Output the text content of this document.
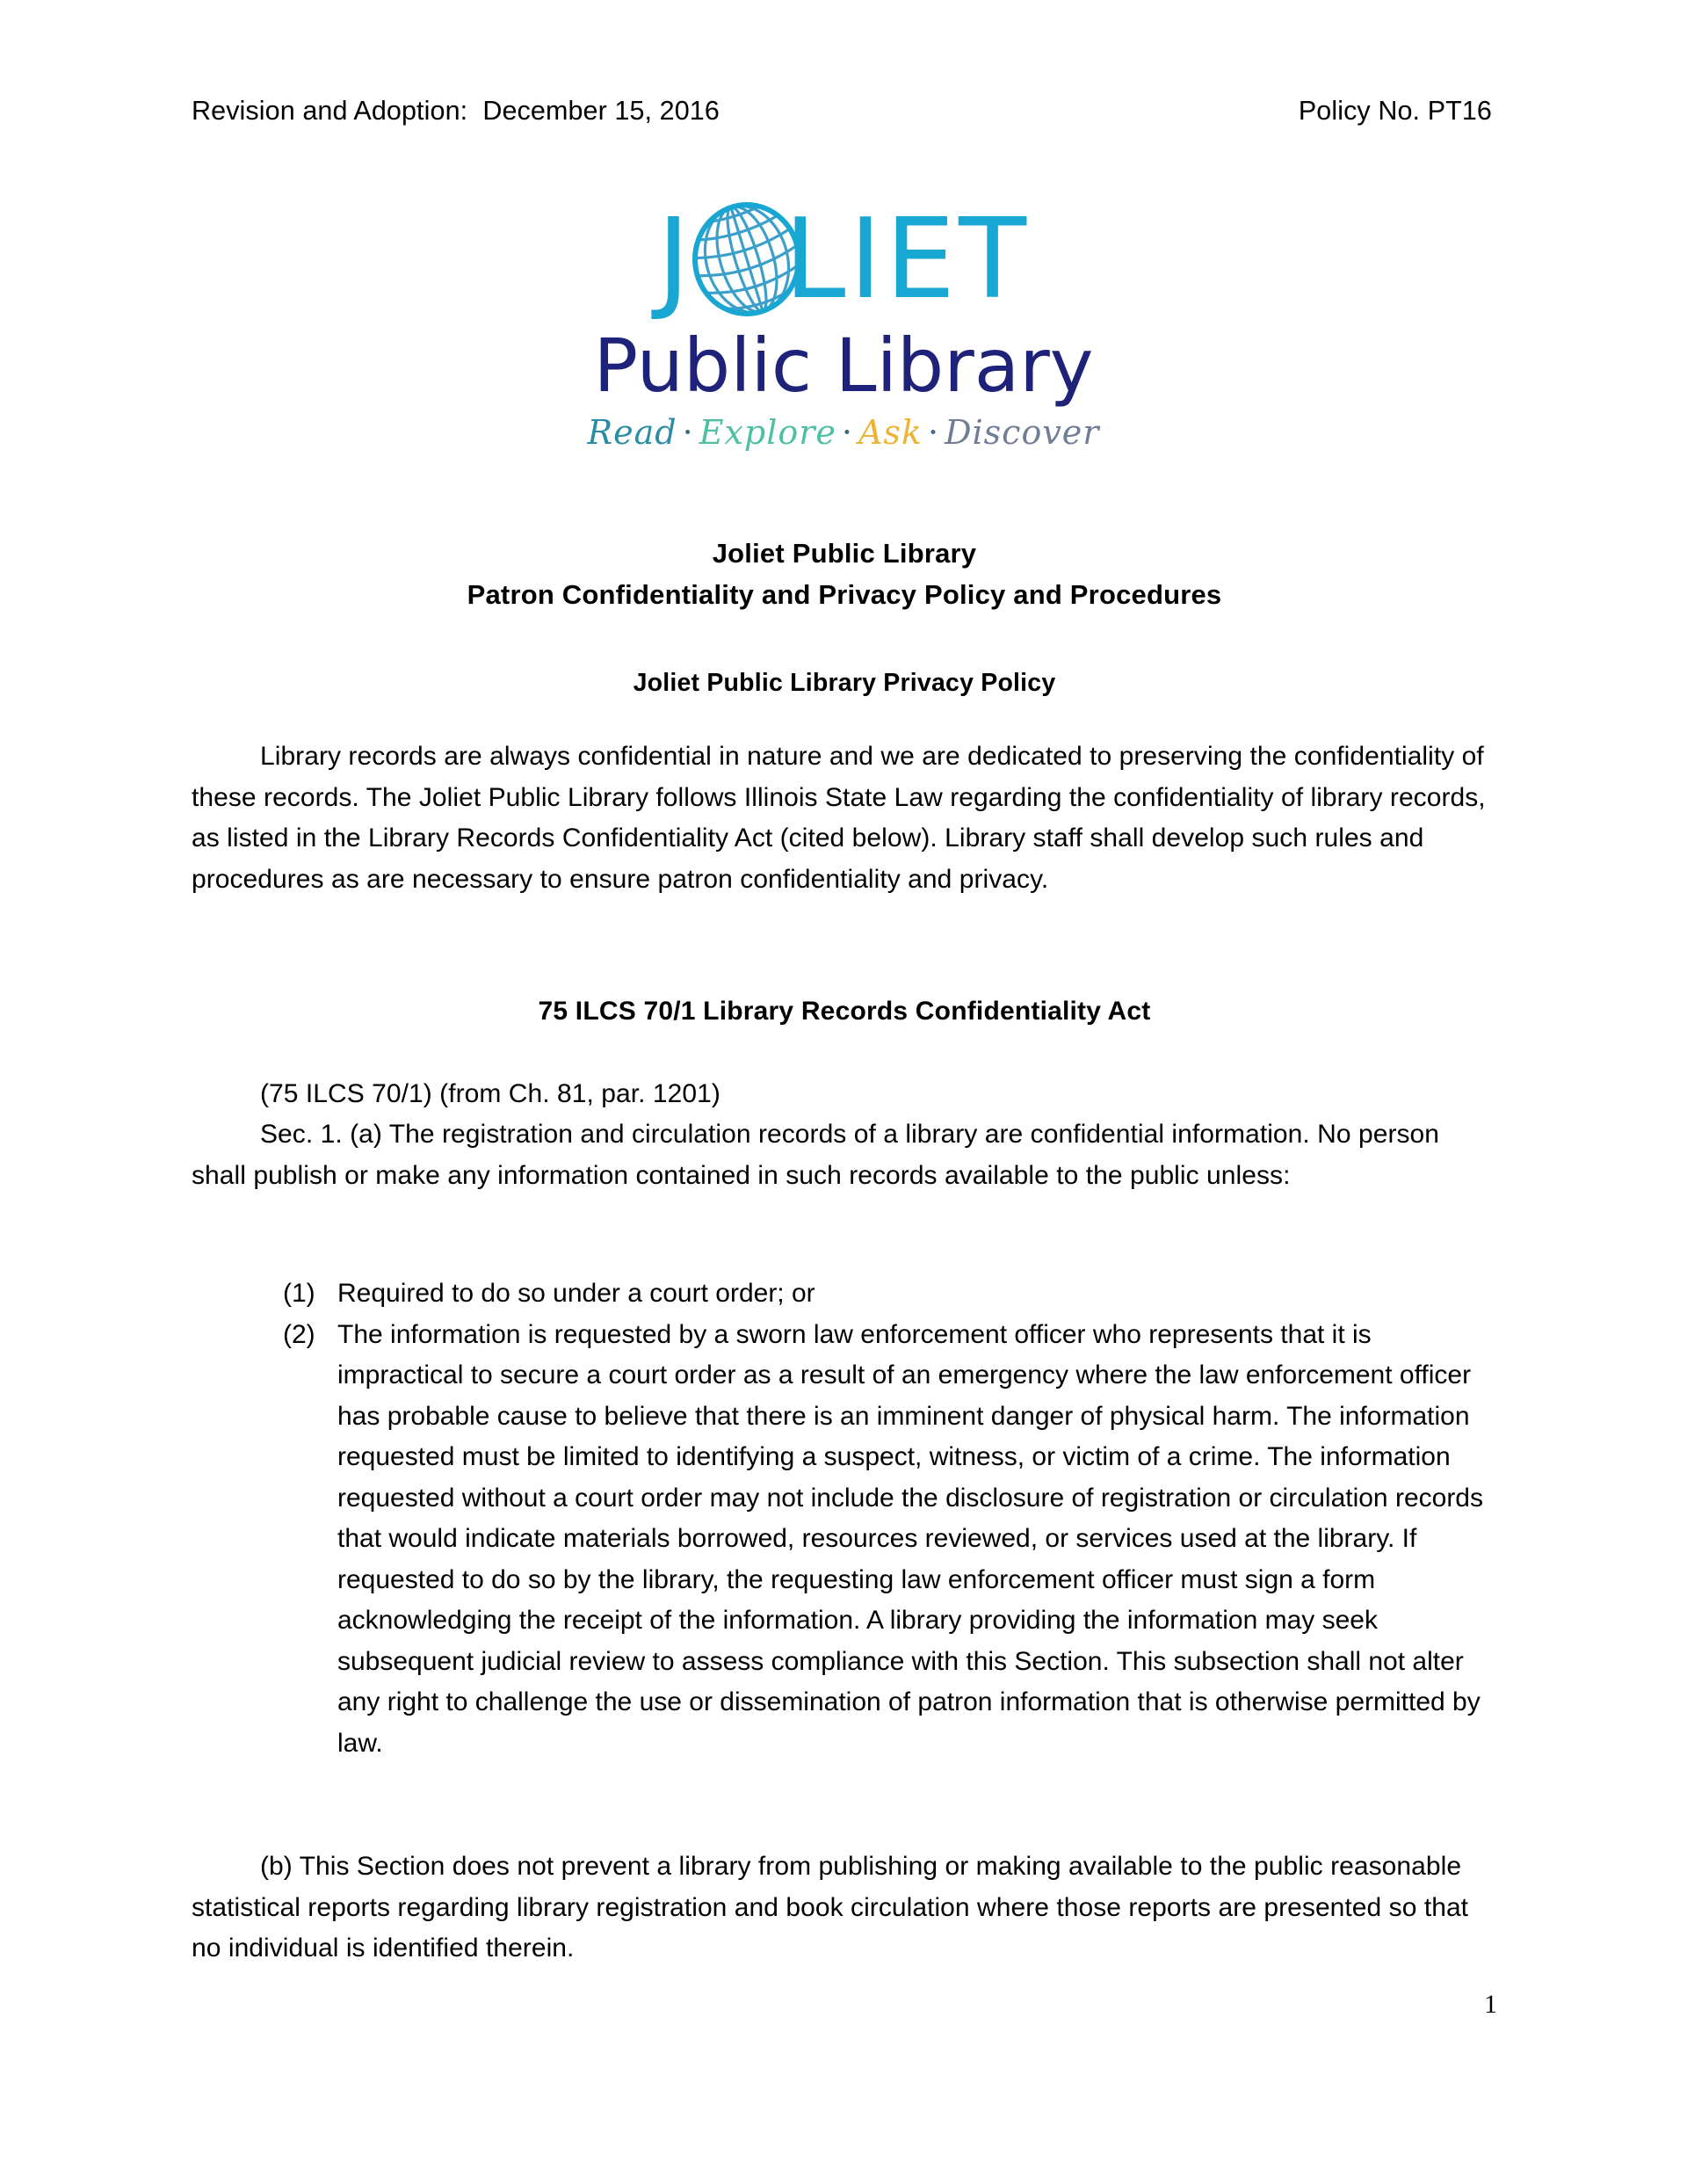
Revision and Adoption:  December 15, 2016	Policy No. PT16
J LIET
Public Library
Read · Explore · Ask · Discover
Joliet Public Library
Patron Confidentiality and Privacy Policy and Procedures
Joliet Public Library Privacy Policy
Library records are always confidential in nature and we are dedicated to preserving the confidentiality of these records. The Joliet Public Library follows Illinois State Law regarding the confidentiality of library records, as listed in the Library Records Confidentiality Act (cited below). Library staff shall develop such rules and procedures as are necessary to ensure patron confidentiality and privacy.
75 ILCS 70/1 Library Records Confidentiality Act
(75 ILCS 70/1) (from Ch. 81, par. 1201)
Sec. 1. (a) The registration and circulation records of a library are confidential information. No person shall publish or make any information contained in such records available to the public unless:
(1) Required to do so under a court order; or
(2) The information is requested by a sworn law enforcement officer who represents that it is impractical to secure a court order as a result of an emergency where the law enforcement officer has probable cause to believe that there is an imminent danger of physical harm. The information requested must be limited to identifying a suspect, witness, or victim of a crime. The information requested without a court order may not include the disclosure of registration or circulation records that would indicate materials borrowed, resources reviewed, or services used at the library. If requested to do so by the library, the requesting law enforcement officer must sign a form acknowledging the receipt of the information. A library providing the information may seek subsequent judicial review to assess compliance with this Section. This subsection shall not alter any right to challenge the use or dissemination of patron information that is otherwise permitted by law.
(b) This Section does not prevent a library from publishing or making available to the public reasonable statistical reports regarding library registration and book circulation where those reports are presented so that no individual is identified therein.
1
